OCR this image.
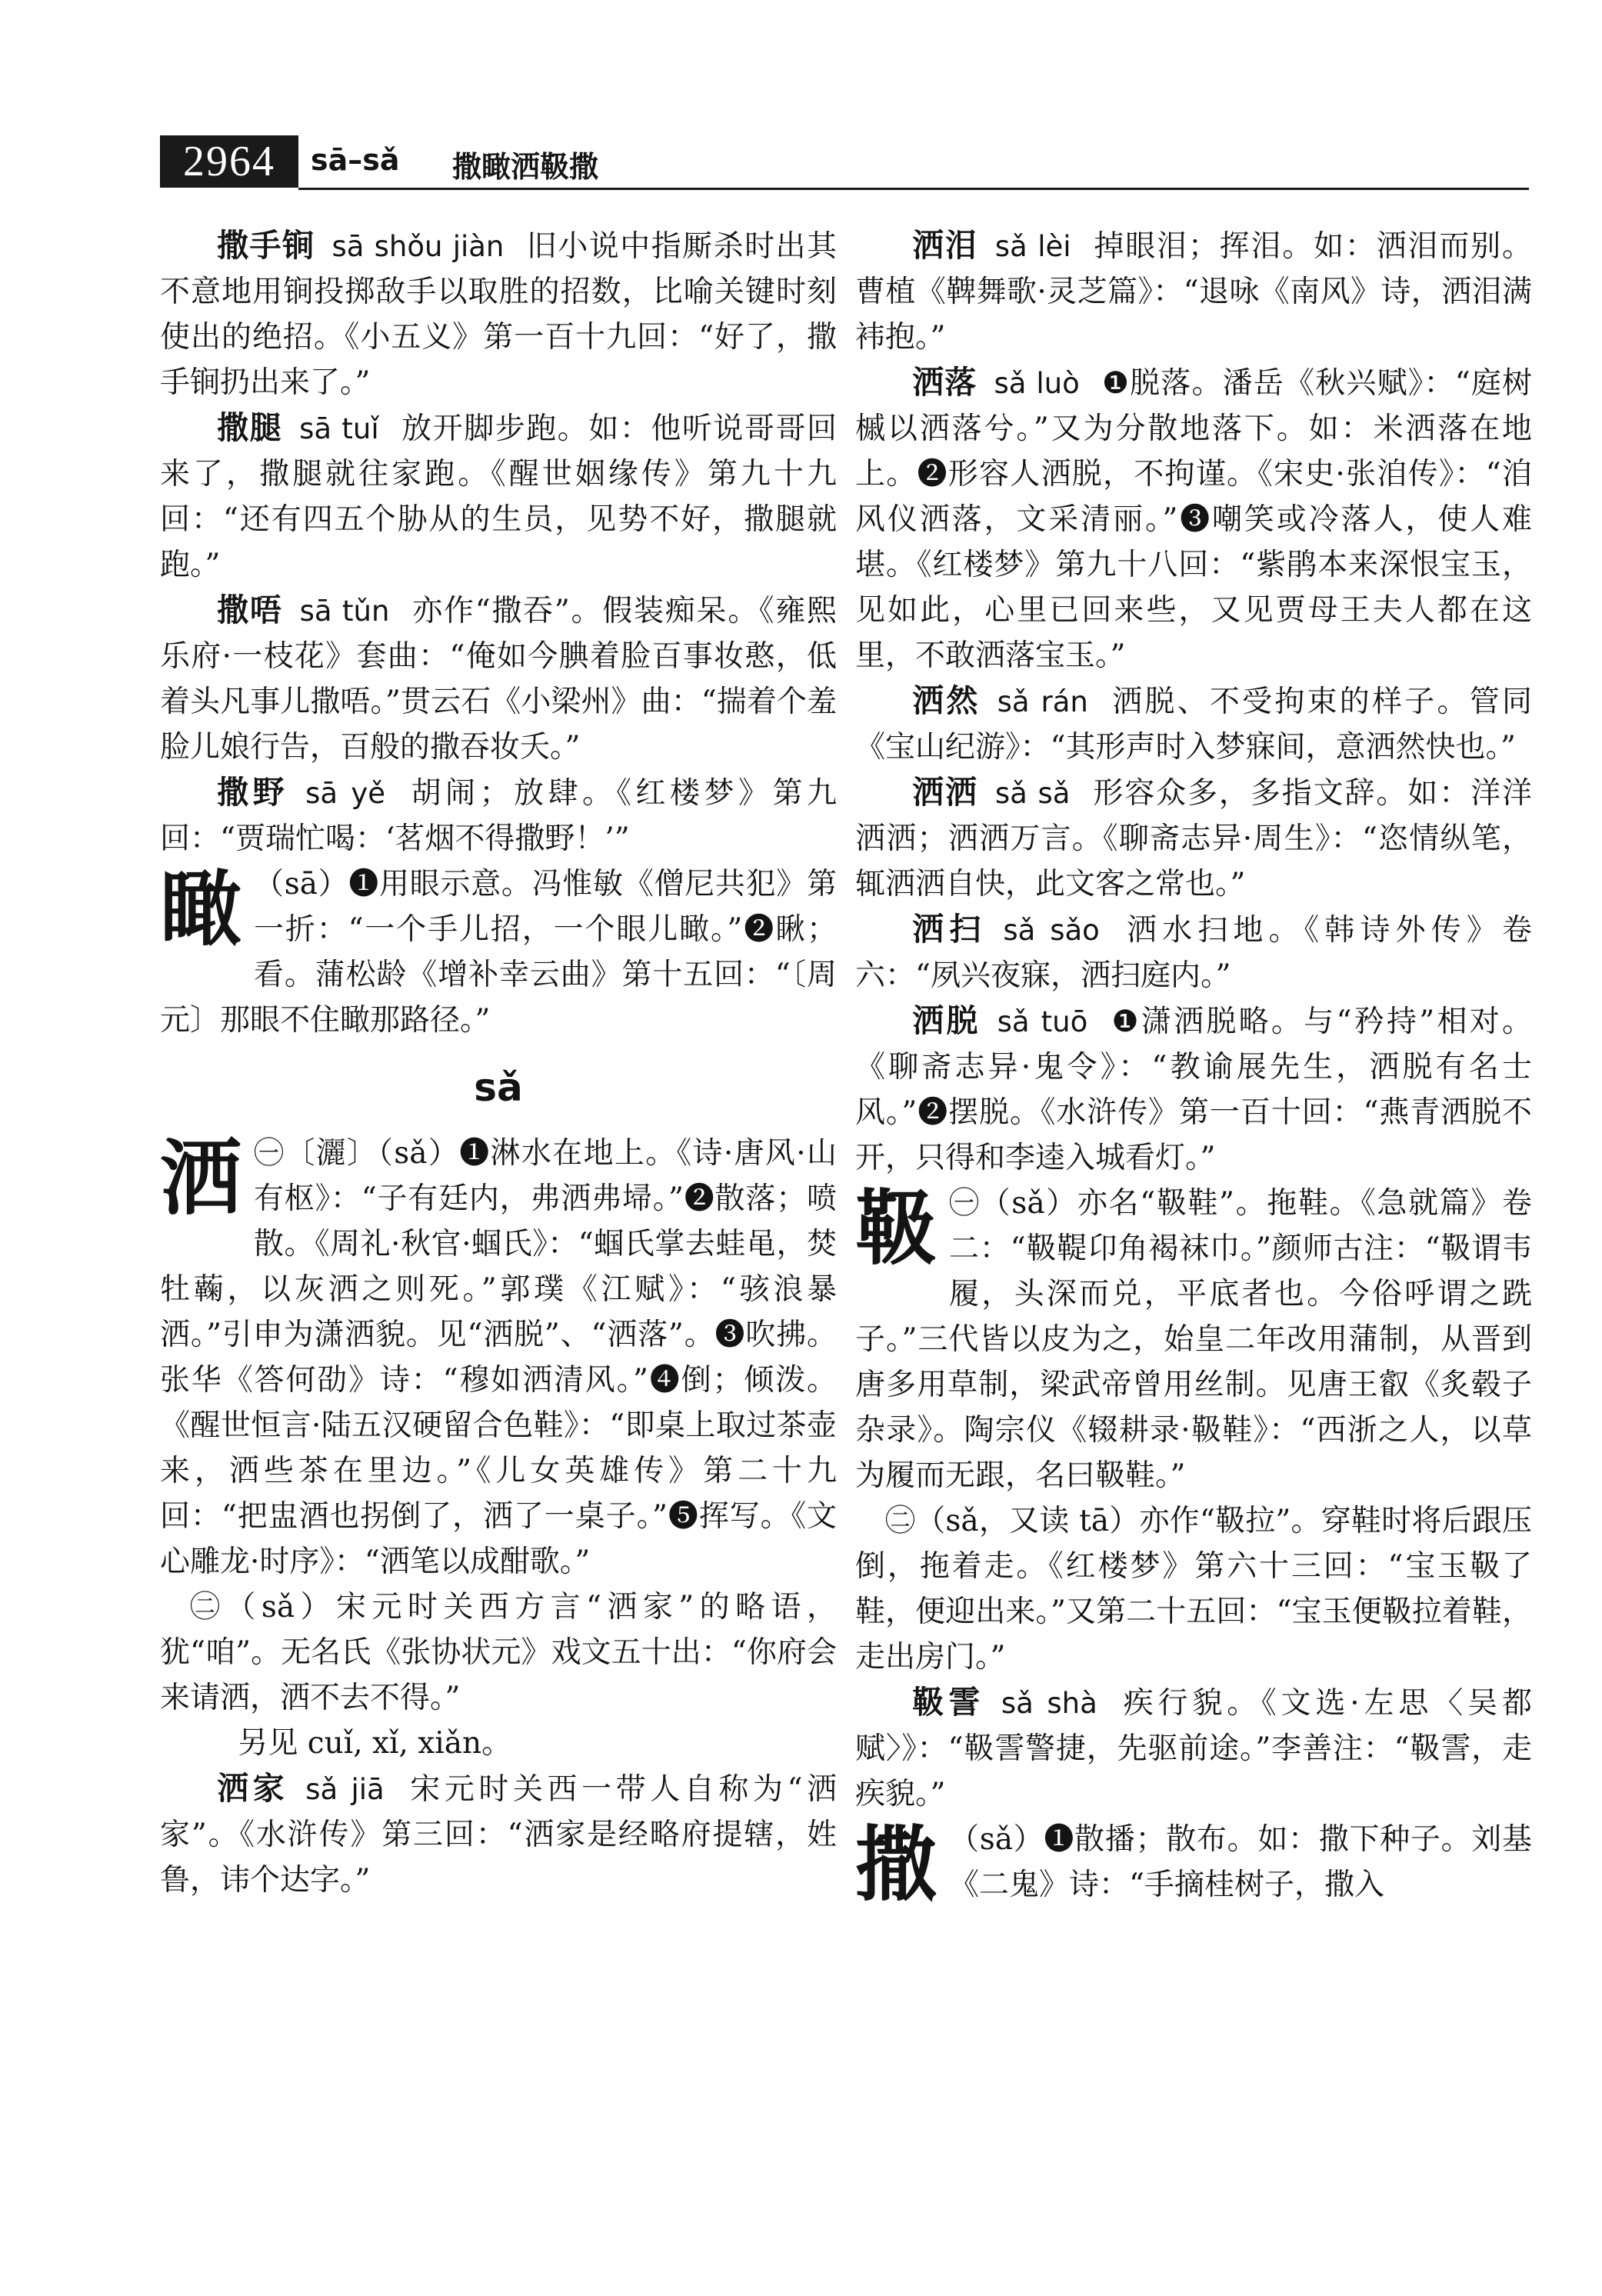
2964	sā–sǎ 撒瞰洒靸撒

撒手锏 sā shǒu jiàn 旧小说中指厮杀时出其不意地用锏投掷敌手以取胜的招数，比喻关键时刻使出的绝招。《小五义》第一百十九回：“好了，撒手锏扔出来了。”

撒腿 sā tuǐ 放开脚步跑。如：他听说哥哥回来了，撒腿就往家跑。《醒世姻缘传》第九十九回：“还有四五个胁从的生员，见势不好，撒腿就跑。”

撒唔 sā tǔn 亦作“撒吞”。假装痴呆。《雍熙乐府·一枝花》套曲：“俺如今腆着脸百事妆憨，低着头凡事儿撒唔。”贯云石《小梁州》曲：“揣着个羞脸儿娘行告，百般的撒吞妆夭。”

撒野 sā yě 胡闹；放肆。《红楼梦》第九回：“贾瑞忙喝：‘茗烟不得撒野！’”

瞰 （sā）❶用眼示意。冯惟敏《僧尼共犯》第一折：“一个手儿招，一个眼儿瞰。”❷瞅；看。蒲松龄《增补幸云曲》第十五回：“〔周元〕那眼不住瞰那路径。”

sǎ
洒 ㊀〔灑〕（sǎ）❶淋水在地上。《诗·唐风·山有枢》：“子有廷内，弗洒弗埽。”❷散落；喷散。《周礼·秋官·蝈氏》：“蝈氏掌去蛙黾，焚牡蘜，以灰洒之则死。”郭璞《江赋》：“骇浪暴洒。”引申为潇洒貌。见“洒脱”、“洒落”。❸吹拂。张华《答何劭》诗：“穆如洒清风。”❹倒；倾泼。《醒世恒言·陆五汉硬留合色鞋》：“即桌上取过茶壶来，洒些茶在里边。”《儿女英雄传》第二十九回：“把盅酒也拐倒了，洒了一桌子。”❺挥写。《文心雕龙·时序》：“洒笔以成酣歌。”

㊁（sǎ）宋元时关西方言“洒家”的略语，犹“咱”。无名氏《张协状元》戏文五十出：“你府会来请洒，洒不去不得。”

另见 cuǐ, xǐ, xiǎn。

洒家 sǎ jiā 宋元时关西一带人自称为“洒家”。《水浒传》第三回：“洒家是经略府提辖，姓鲁，讳个达字。”

洒泪 sǎ lèi 掉眼泪；挥泪。如：洒泪而别。曹植《鞞舞歌·灵芝篇》：“退咏《南风》诗，洒泪满袆抱。”

洒落 sǎ luò ❶脱落。潘岳《秋兴赋》：“庭树槭以洒落兮。”又为分散地落下。如：米洒落在地上。❷形容人洒脱，不拘谨。《宋史·张洎传》：“洎风仪洒落，文采清丽。”❸嘲笑或冷落人，使人难堪。《红楼梦》第九十八回：“紫鹃本来深恨宝玉，见如此，心里已回来些，又见贾母王夫人都在这里，不敢洒落宝玉。”

洒然 sǎ rán 洒脱、不受拘束的样子。管同《宝山纪游》：“其形声时入梦寐间，意洒然快也。”

洒洒 sǎ sǎ 形容众多，多指文辞。如：洋洋洒洒；洒洒万言。《聊斋志异·周生》：“恣情纵笔，辄洒洒自快，此文客之常也。”

洒扫 sǎ sǎo 洒水扫地。《韩诗外传》卷六：“夙兴夜寐，洒扫庭内。”

洒脱 sǎ tuō ❶潇洒脱略。与“矜持”相对。《聊斋志异·鬼令》：“教谕展先生，洒脱有名士风。”❷摆脱。《水浒传》第一百十回：“燕青洒脱不开，只得和李逵入城看灯。”

靸 ㊀（sǎ）亦名“靸鞋”。拖鞋。《急就篇》卷二：“靸鞮卬角褐袜巾。”颜师古注：“靸谓韦履，头深而兑，平底者也。今俗呼谓之跣子。”三代皆以皮为之，始皇二年改用蒲制，从晋到唐多用草制，梁武帝曾用丝制。见唐王叡《炙毂子杂录》。陶宗仪《辍耕录·靸鞋》：“西浙之人，以草为履而无跟，名曰靸鞋。”

㊁（sǎ，又读 tā）亦作“靸拉”。穿鞋时将后跟压倒，拖着走。《红楼梦》第六十三回：“宝玉靸了鞋，便迎出来。”又第二十五回：“宝玉便靸拉着鞋，走出房门。”

靸霅 sǎ shà 疾行貌。《文选·左思〈吴都赋〉》：“靸霅警捷，先驱前途。”李善注：“靸霅，走疾貌。”

撒 （sǎ）❶散播；散布。如：撒下种子。刘基《二鬼》诗：“手摘桂树子，撒入
